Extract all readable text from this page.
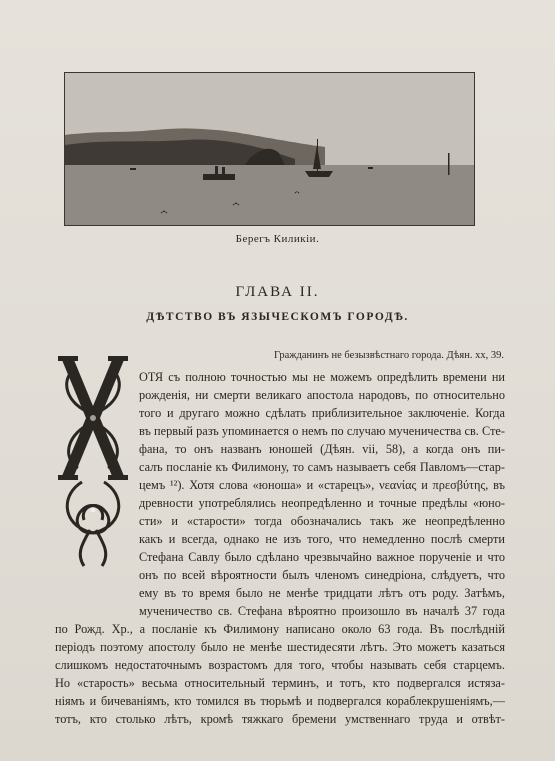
Берегъ Киликіи.
ГЛАВА II.
ДѢТСТВО ВЪ ЯЗЫЧЕСКОМЪ ГОРОДѢ.
Гражданинъ не безызвѣстнаго города. Дѣян. хх, 39.
ОТЯ съ полною точностью мы не можемъ опредѣлить времени ни
рожденія, ни смерти великаго апостола народовъ, по относительно
того и другаго можно сдѣлать приблизительное заключеніе. Когда
въ первый разъ упоминается о немъ по случаю мученичества св. Сте-
фана, то онъ названъ юношей (Дѣян. vii, 58), а когда онъ пи-
салъ посланіе къ Филимону, то самъ называетъ себя Павломъ—стар-
цемъ ¹²). Хотя слова «юноша» и «старецъ», νεανίας и πρεσβύτης, въ
древности употреблялись неопредѣленно и точные предѣлы «юно-
сти» и «старости» тогда обозначались такъ же неопредѣленно
какъ и всегда, однако не изъ того, что немедленно послѣ смерти
Стефана Савлу было сдѣлано чрезвычайно важное порученіе и что
онъ по всей вѣроятности былъ членомъ синедріона, слѣдуетъ, что
ему въ то время было не менѣе тридцати лѣтъ отъ роду. Затѣмъ,
мученичество св. Стефана вѣроятно произошло въ началѣ 37 года
по Рожд. Хр., а посланіе къ Филимону написано около 63 года. Въ послѣдній
періодъ поэтому апостолу было не менѣе шестидесяти лѣтъ. Это можетъ казаться
слишкомъ недостаточнымъ возрастомъ для того, чтобы называть себя старцемъ.
Но «старость» весьма относительный терминъ, и тотъ, кто подвергался истяза-
ніямъ и бичеваніямъ, кто томился въ тюрьмѣ и подвергался кораблекрушеніямъ,—
тотъ, кто столько лѣтъ, кромѣ тяжкаго бремени умственнаго труда и отвѣт-
